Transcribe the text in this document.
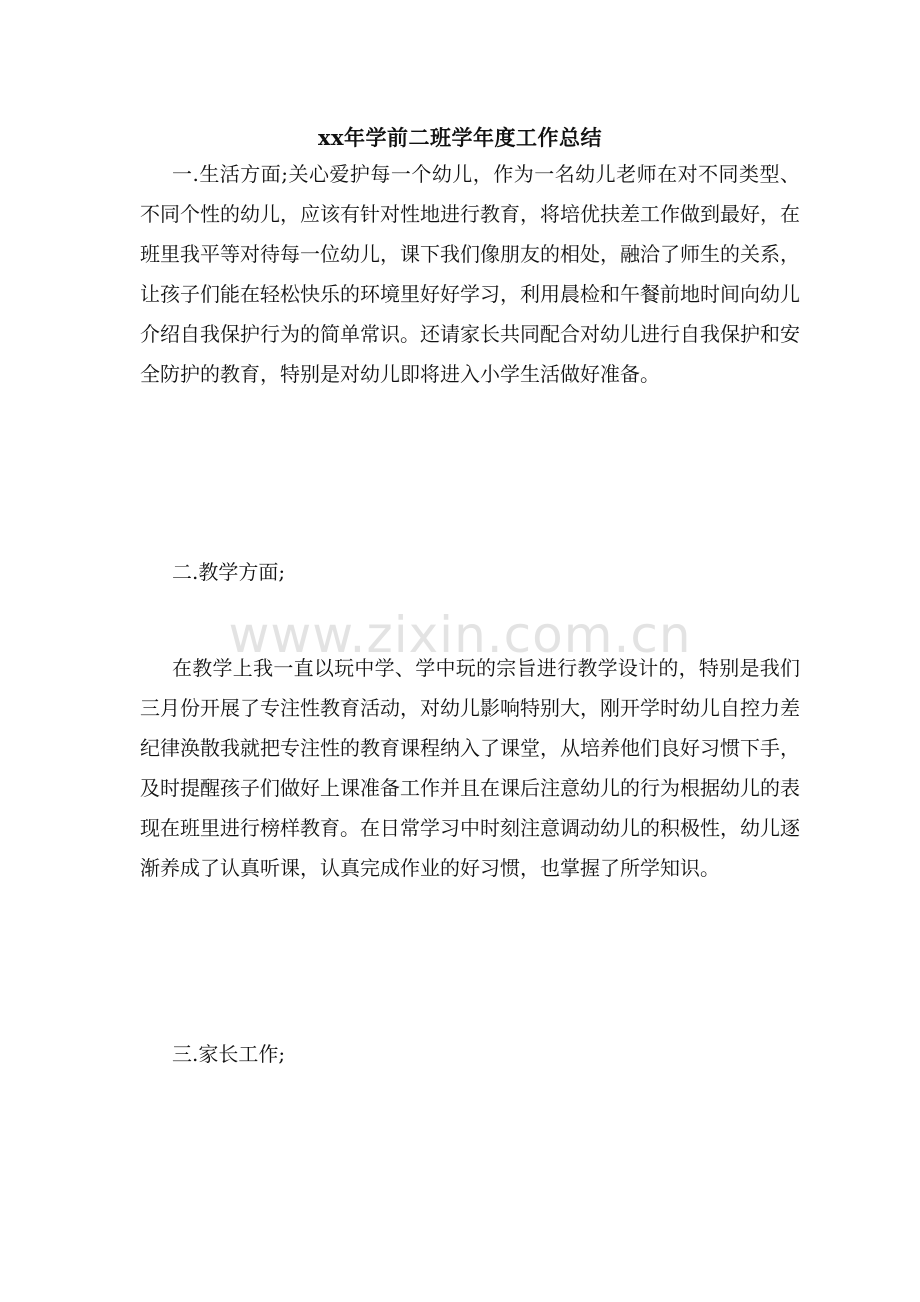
xx年学前二班学年度工作总结
一.生活方面;关心爱护每一个幼儿，作为一名幼儿老师在对不同类型、不同个性的幼儿，应该有针对性地进行教育，将培优扶差工作做到最好，在班里我平等对待每一位幼儿，课下我们像朋友的相处，融洽了师生的关系，让孩子们能在轻松快乐的环境里好好学习，利用晨检和午餐前地时间向幼儿介绍自我保护行为的简单常识。还请家长共同配合对幼儿进行自我保护和安全防护的教育，特别是对幼儿即将进入小学生活做好准备。
二.教学方面;
www.zixin.com.cn
在教学上我一直以玩中学、学中玩的宗旨进行教学设计的，特别是我们三月份开展了专注性教育活动，对幼儿影响特别大，刚开学时幼儿自控力差纪律涣散我就把专注性的教育课程纳入了课堂，从培养他们良好习惯下手，及时提醒孩子们做好上课准备工作并且在课后注意幼儿的行为根据幼儿的表现在班里进行榜样教育。在日常学习中时刻注意调动幼儿的积极性，幼儿逐渐养成了认真听课，认真完成作业的好习惯，也掌握了所学知识。
三.家长工作;
